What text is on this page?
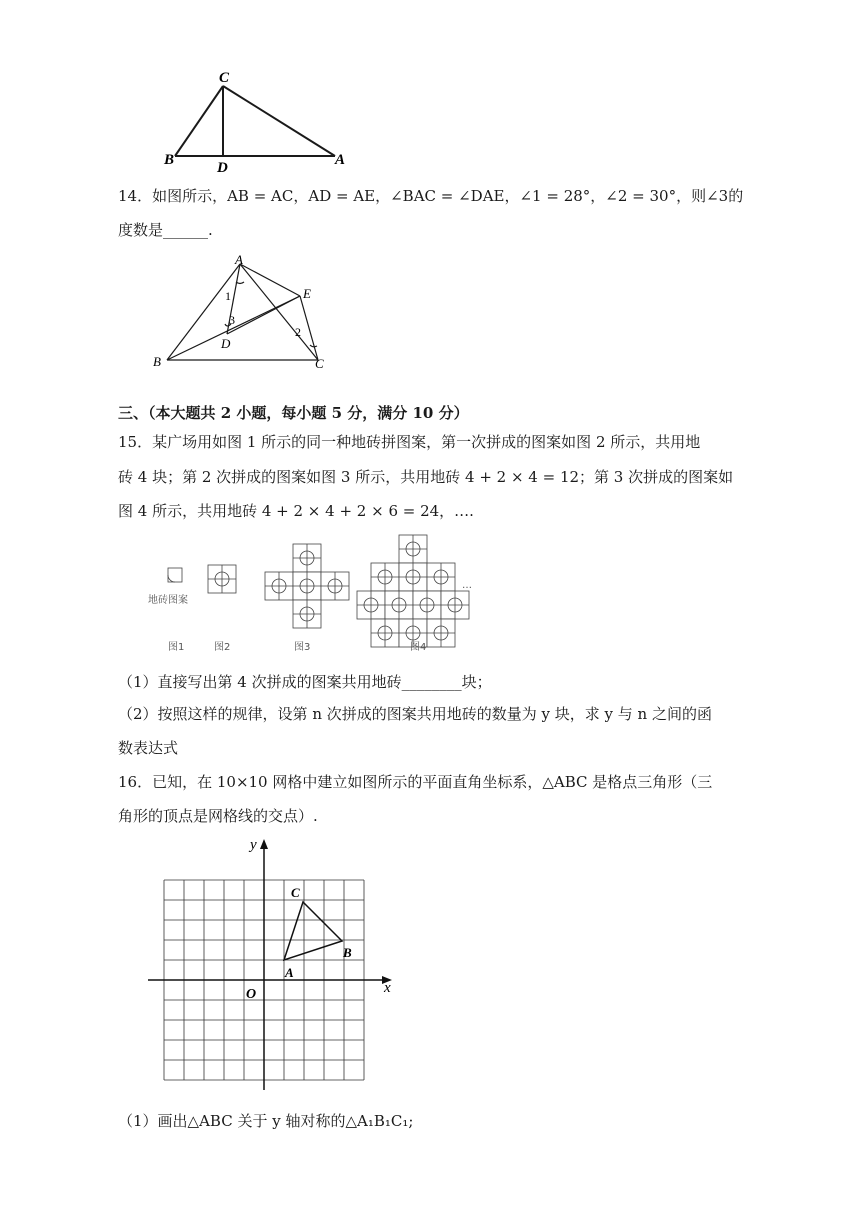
C
B	D	A
14．如图所示，AB = AC，AD = AE，∠BAC = ∠DAE，∠1 = 28°，∠2 = 30°，则∠3的
度数是______.
A
E
1
3
2
B
D
C
三、（本大题共 2 小题，每小题 5 分，满分 10 分）
15．某广场用如图 1 所示的同一种地砖拼图案，第一次拼成的图案如图 2 所示，共用地
砖 4 块；第 2 次拼成的图案如图 3 所示，共用地砖 4 + 2 × 4 = 12；第 3 次拼成的图案如
图 4 所示，共用地砖 4 + 2 × 4 + 2 × 6 = 24，….
地砖图案
…
图1	图2	图3	图4
（1）直接写出第 4 次拼成的图案共用地砖________块；
（2）按照这样的规律，设第 n 次拼成的图案共用地砖的数量为 y 块，求 y 与 n 之间的函
数表达式
16．已知，在 10×10 网格中建立如图所示的平面直角坐标系，△ABC 是格点三角形（三
角形的顶点是网格线的交点）.
y
x
O
A
B
C
（1）画出△ABC 关于 y 轴对称的△A₁B₁C₁;
